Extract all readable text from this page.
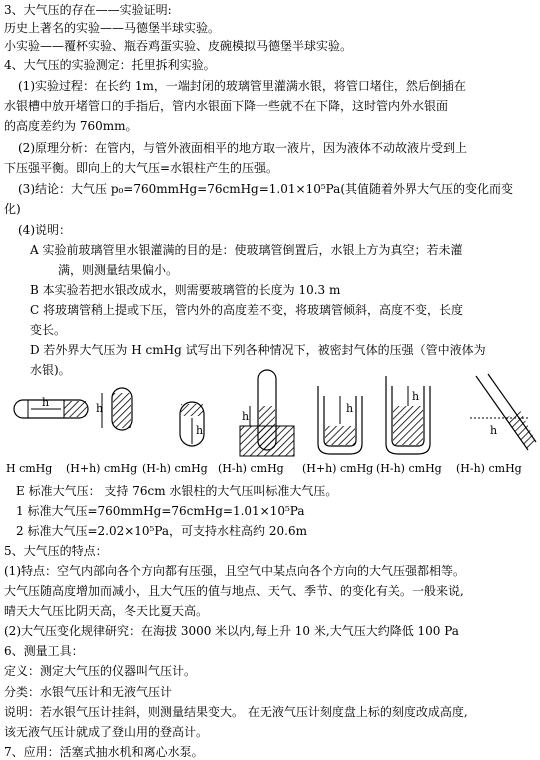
3、大气压的存在——实验证明:
历史上著名的实验——马德堡半球实验。
小实验——覆杯实验、瓶吞鸡蛋实验、皮碗模拟马德堡半球实验。
4、大气压的实验测定：托里拆利实验。
(1)实验过程：在长约 1m，一端封闭的玻璃管里灌满水银，将管口堵住，然后倒插在
水银槽中放开堵管口的手指后，管内水银面下降一些就不在下降，这时管内外水银面
的高度差约为 760mm。
(2)原理分析：在管内，与管外液面相平的地方取一液片，因为液体不动故液片受到上
下压强平衡。即向上的大气压=水银柱产生的压强。
(3)结论：大气压 p₀=760mmHg=76cmHg=1.01×10⁵Pa(其值随着外界大气压的变化而变
化)
(4)说明：
A 实验前玻璃管里水银灌满的目的是：使玻璃管倒置后，水银上方为真空；若未灌
满，则测量结果偏小。
B 本实验若把水银改成水，则需要玻璃管的长度为 10.3 m
C 将玻璃管稍上提或下压，管内外的高度差不变，将玻璃管倾斜，高度不变，长度
变长。
D 若外界大气压为 H cmHg 试写出下列各种情况下，被密封气体的压强（管中液体为
水银)。
E 标准大气压： 支持 76cm 水银柱的大气压叫标准大气压。
1 标准大气压=760mmHg=76cmHg=1.01×10⁵Pa
2 标准大气压=2.02×10⁵Pa，可支持水柱高约 20.6m
5、大气压的特点：
(1)特点：空气内部向各个方向都有压强，且空气中某点向各个方向的大气压强都相等。
大气压随高度增加而减小，且大气压的值与地点、天气、季节、的变化有关。一般来说,
晴天大气压比阴天高，冬天比夏天高。
(2)大气压变化规律研究：在海拔 3000 米以内,每上升 10 米,大气压大约降低 100 Pa
6、测量工具：
定义：测定大气压的仪器叫气压计。
分类：水银气压计和无液气压计
说明：若水银气压计挂斜，则测量结果变大。 在无液气压计刻度盘上标的刻度改成高度,
该无液气压计就成了登山用的登高计。
7、应用：活塞式抽水机和离心水泵。
h	h
h
h
h
h
h
H cmHg (H+h) cmHg (H-h) cmHg (H-h) cmHg (H+h) cmHg (H-h) cmHg (H-h) cmHg
